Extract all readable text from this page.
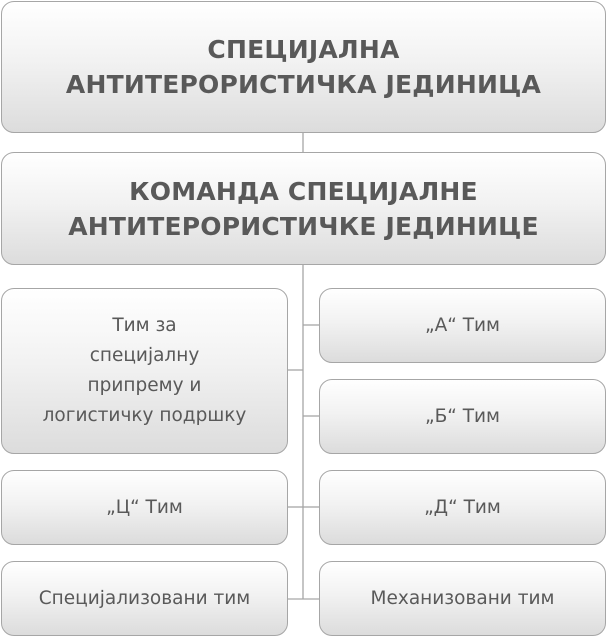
СПЕЦИЈАЛНА
АНТИТЕРОРИСТИЧКА ЈЕДИНИЦА
КОМАНДА СПЕЦИЈАЛНЕ
АНТИТЕРОРИСТИЧКЕ ЈЕДИНИЦЕ
Тим за
специјалну
припрему и
логистичку подршку
„А“ Тим
„Б“ Тим
„Ц“ Тим	„Д“ Тим
Специјализовани тим	Механизовани тим
